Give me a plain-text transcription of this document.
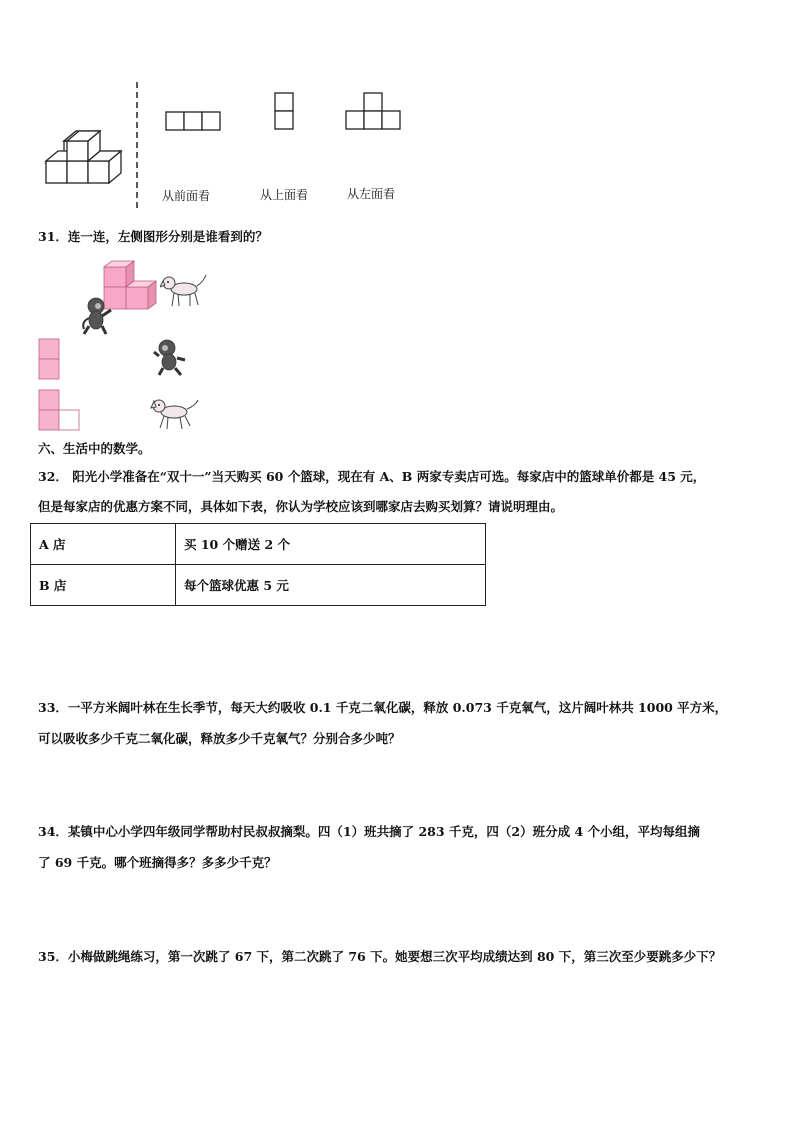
从前面看	从上面看	从左面看
31．连一连，左侧图形分别是谁看到的？
六、生活中的数学。
32． 阳光小学准备在“双十一”当天购买 60 个篮球，现在有 A、B 两家专卖店可选。每家店中的篮球单价都是 45 元，
但是每家店的优惠方案不同，具体如下表，你认为学校应该到哪家店去购买划算？请说明理由。
A 店	买 10 个赠送 2 个
B 店	每个篮球优惠 5 元
33．一平方米阔叶林在生长季节，每天大约吸收 0.1 千克二氧化碳，释放 0.073 千克氧气，这片阔叶林共 1000 平方米，
可以吸收多少千克二氧化碳，释放多少千克氧气？分别合多少吨？
34．某镇中心小学四年级同学帮助村民叔叔摘梨。四（1）班共摘了 283 千克，四（2）班分成 4 个小组，平均每组摘
了 69 千克。哪个班摘得多？多多少千克？
35．小梅做跳绳练习，第一次跳了 67 下，第二次跳了 76 下。她要想三次平均成绩达到 80 下，第三次至少要跳多少下？
